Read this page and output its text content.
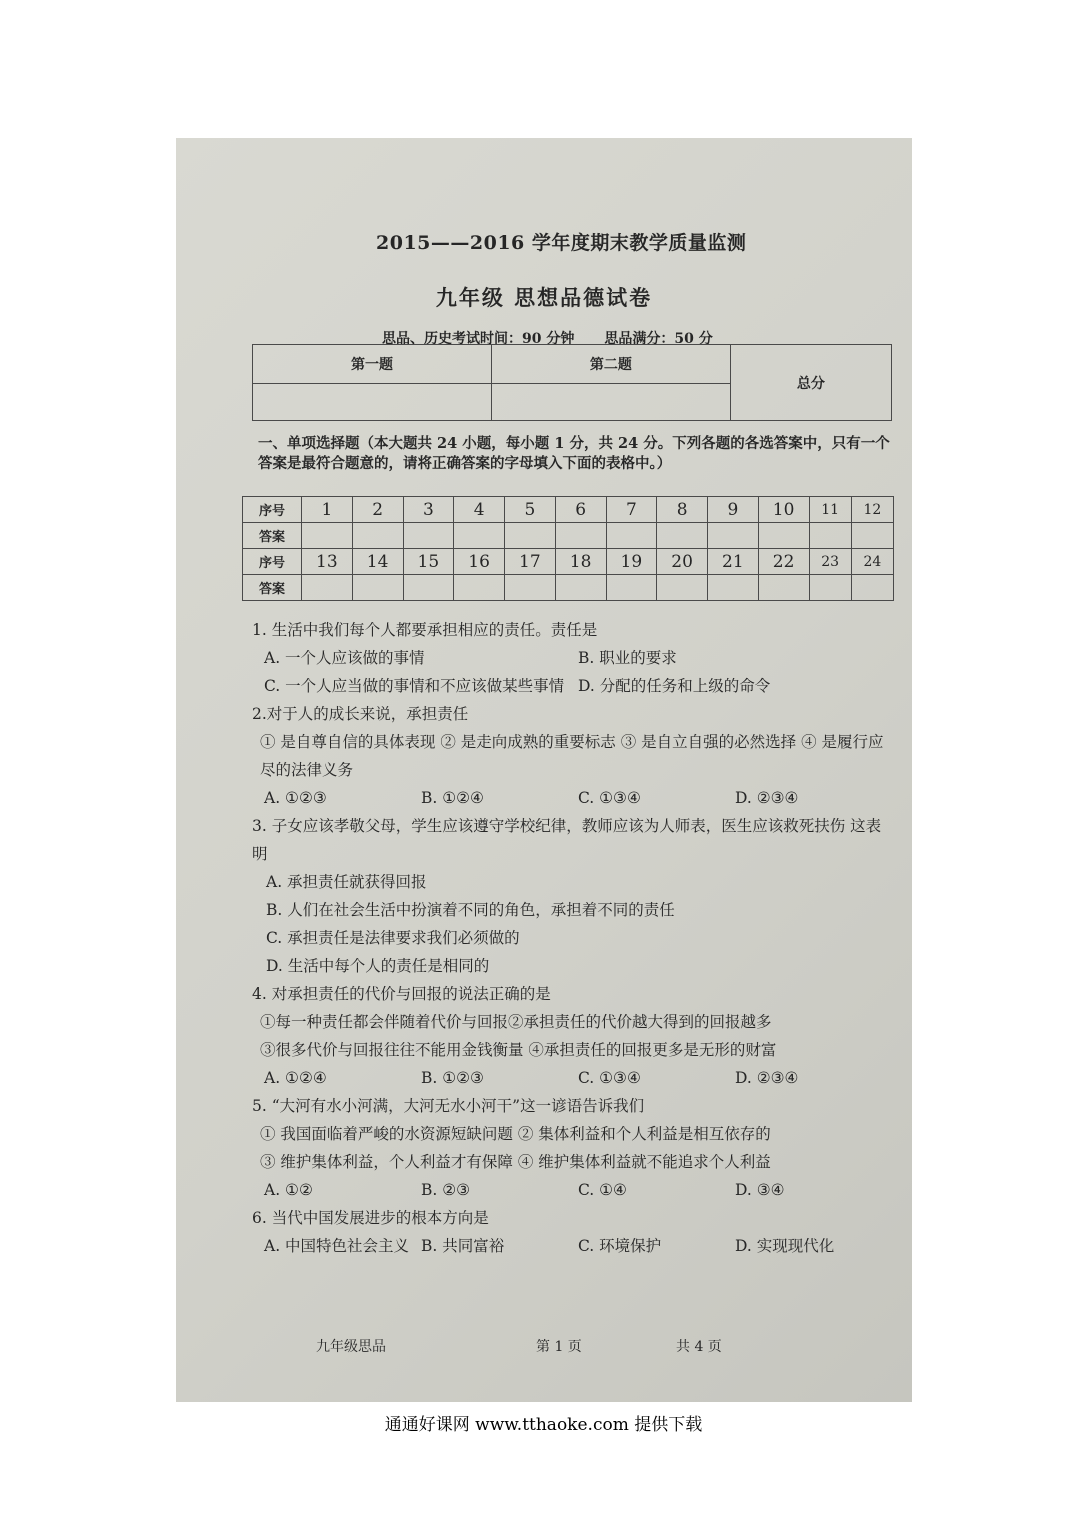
2015——2016 学年度期末教学质量监测
九年级 思想品德试卷
思品、历史考试时间：90 分钟 思品满分：50 分
第一题	第二题	总分

一、单项选择题（本大题共 24 小题，每小题 1 分，共 24 分。下列各题的各选答案中，只有一个答案是最符合题意的，请将正确答案的字母填入下面的表格中。）
序号	1	2	3	4	5	6	7	8	9	10	11	12
答案												
序号	13	14	15	16	17	18	19	20	21	22	23	24
答案												
1. 生活中我们每个人都要承担相应的责任。责任是
A. 一个人应该做的事情	B. 职业的要求
C. 一个人应当做的事情和不应该做某些事情 D. 分配的任务和上级的命令
2.对于人的成长来说，承担责任
① 是自尊自信的具体表现 ② 是走向成熟的重要标志 ③ 是自立自强的必然选择 ④ 是履行应尽的法律义务
A. ①②③	B. ①②④	C. ①③④	D. ②③④
3. 子女应该孝敬父母，学生应该遵守学校纪律，教师应该为人师表，医生应该救死扶伤 这表明
A. 承担责任就获得回报
B. 人们在社会生活中扮演着不同的角色，承担着不同的责任
C. 承担责任是法律要求我们必须做的
D. 生活中每个人的责任是相同的
4. 对承担责任的代价与回报的说法正确的是
①每一种责任都会伴随着代价与回报②承担责任的代价越大得到的回报越多
③很多代价与回报往往不能用金钱衡量 ④承担责任的回报更多是无形的财富
A. ①②④	B. ①②③	C. ①③④	D. ②③④
5. “大河有水小河满，大河无水小河干”这一谚语告诉我们
① 我国面临着严峻的水资源短缺问题 ② 集体利益和个人利益是相互依存的
③ 维护集体利益，个人利益才有保障 ④ 维护集体利益就不能追求个人利益
A. ①②	B. ②③	C. ①④	D. ③④
6. 当代中国发展进步的根本方向是
A. 中国特色社会主义 B. 共同富裕	C. 环境保护	D. 实现现代化
九年级思品	第 1 页	共 4 页
通通好课网 www.tthaoke.com 提供下载
